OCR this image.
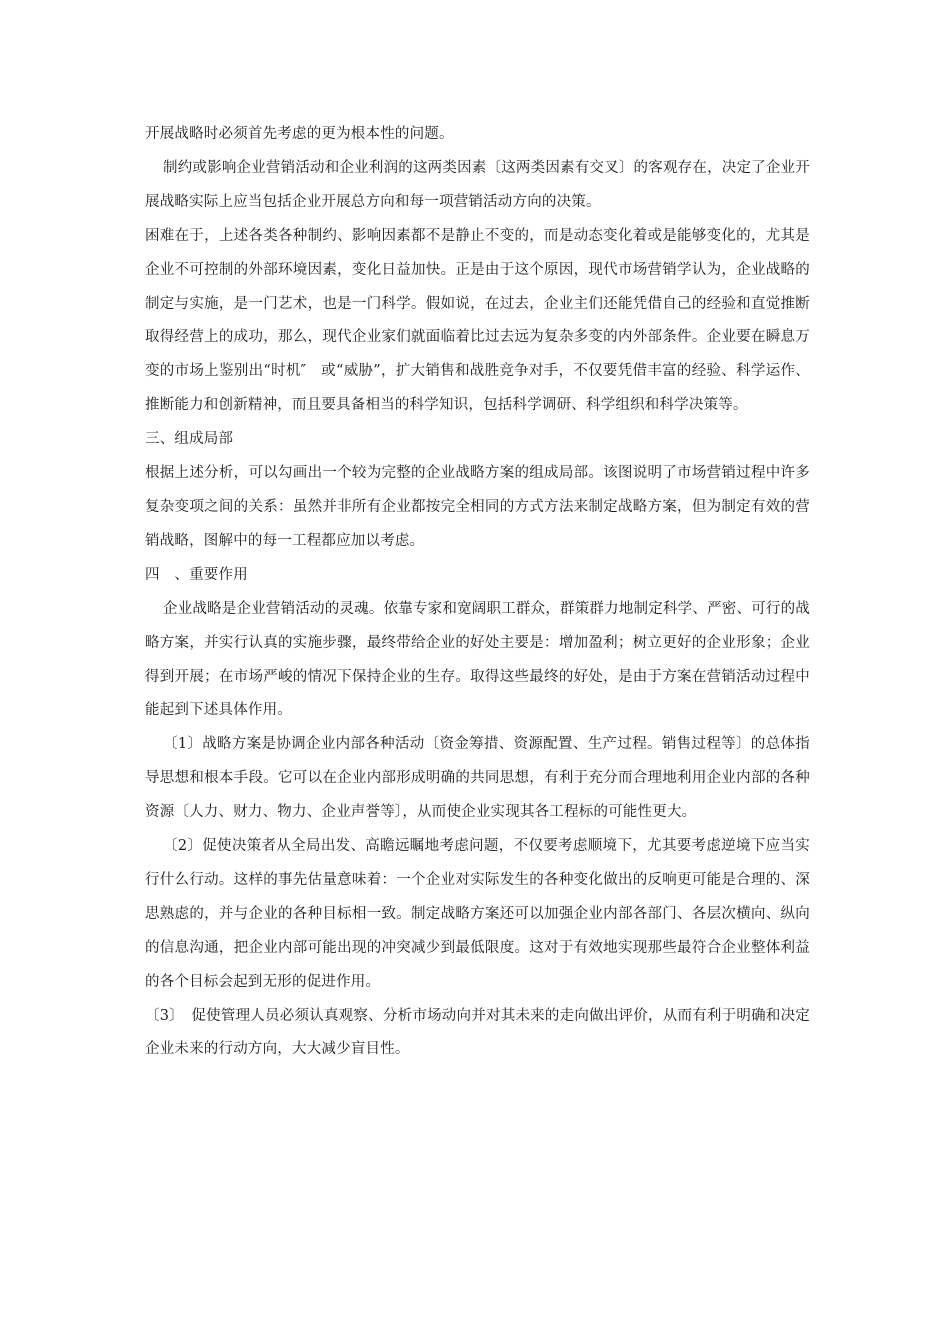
开展战略时必须首先考虑的更为根本性的问题。

制约或影响企业营销活动和企业利润的这两类因素〔这两类因素有交叉〕的客观存在，决定了企业开展战略实际上应当包括企业开展总方向和每一项营销活动方向的决策。

困难在于，上述各类各种制约、影响因素都不是静止不变的，而是动态变化着或是能够变化的，尤其是企业不可控制的外部环境因素，变化日益加快。正是由于这个原因，现代市场营销学认为，企业战略的制定与实施，是一门艺术，也是一门科学。假如说，在过去，企业主们还能凭借自己的经验和直觉推断取得经营上的成功，那么，现代企业家们就面临着比过去远为复杂多变的内外部条件。企业要在瞬息万变的市场上鉴别出“时机″　或“威胁”，扩大销售和战胜竞争对手，不仅要凭借丰富的经验、科学运作、推断能力和创新精神，而且要具备相当的科学知识，包括科学调研、科学组织和科学决策等。

三、组成局部

根据上述分析，可以勾画出一个较为完整的企业战略方案的组成局部。该图说明了市场营销过程中许多复杂变项之间的关系：虽然并非所有企业都按完全相同的方式方法来制定战略方案，但为制定有效的营销战略，图解中的每一工程都应加以考虑。

四　、重要作用

企业战略是企业营销活动的灵魂。依靠专家和宽阔职工群众，群策群力地制定科学、严密、可行的战略方案，并实行认真的实施步骤，最终带给企业的好处主要是：增加盈利；树立更好的企业形象；企业得到开展；在市场严峻的情况下保持企业的生存。取得这些最终的好处，是由于方案在营销活动过程中能起到下述具体作用。

〔1〕战略方案是协调企业内部各种活动〔资金筹措、资源配置、生产过程。销售过程等〕的总体指导思想和根本手段。它可以在企业内部形成明确的共同思想，有利于充分而合理地利用企业内部的各种资源〔人力、财力、物力、企业声誉等〕，从而使企业实现其各工程标的可能性更大。

〔2〕促使决策者从全局出发、高瞻远瞩地考虑问题，不仅要考虑顺境下，尤其要考虑逆境下应当实行什么行动。这样的事先估量意味着：一个企业对实际发生的各种变化做出的反响更可能是合理的、深思熟虑的，并与企业的各种目标相一致。制定战略方案还可以加强企业内部各部门、各层次横向、纵向的信息沟通，把企业内部可能出现的冲突减少到最低限度。这对于有效地实现那些最符合企业整体利益的各个目标会起到无形的促进作用。

〔3〕　促使管理人员必须认真观察、分析市场动向并对其未来的走向做出评价，从而有利于明确和决定企业未来的行动方向，大大减少盲目性。
